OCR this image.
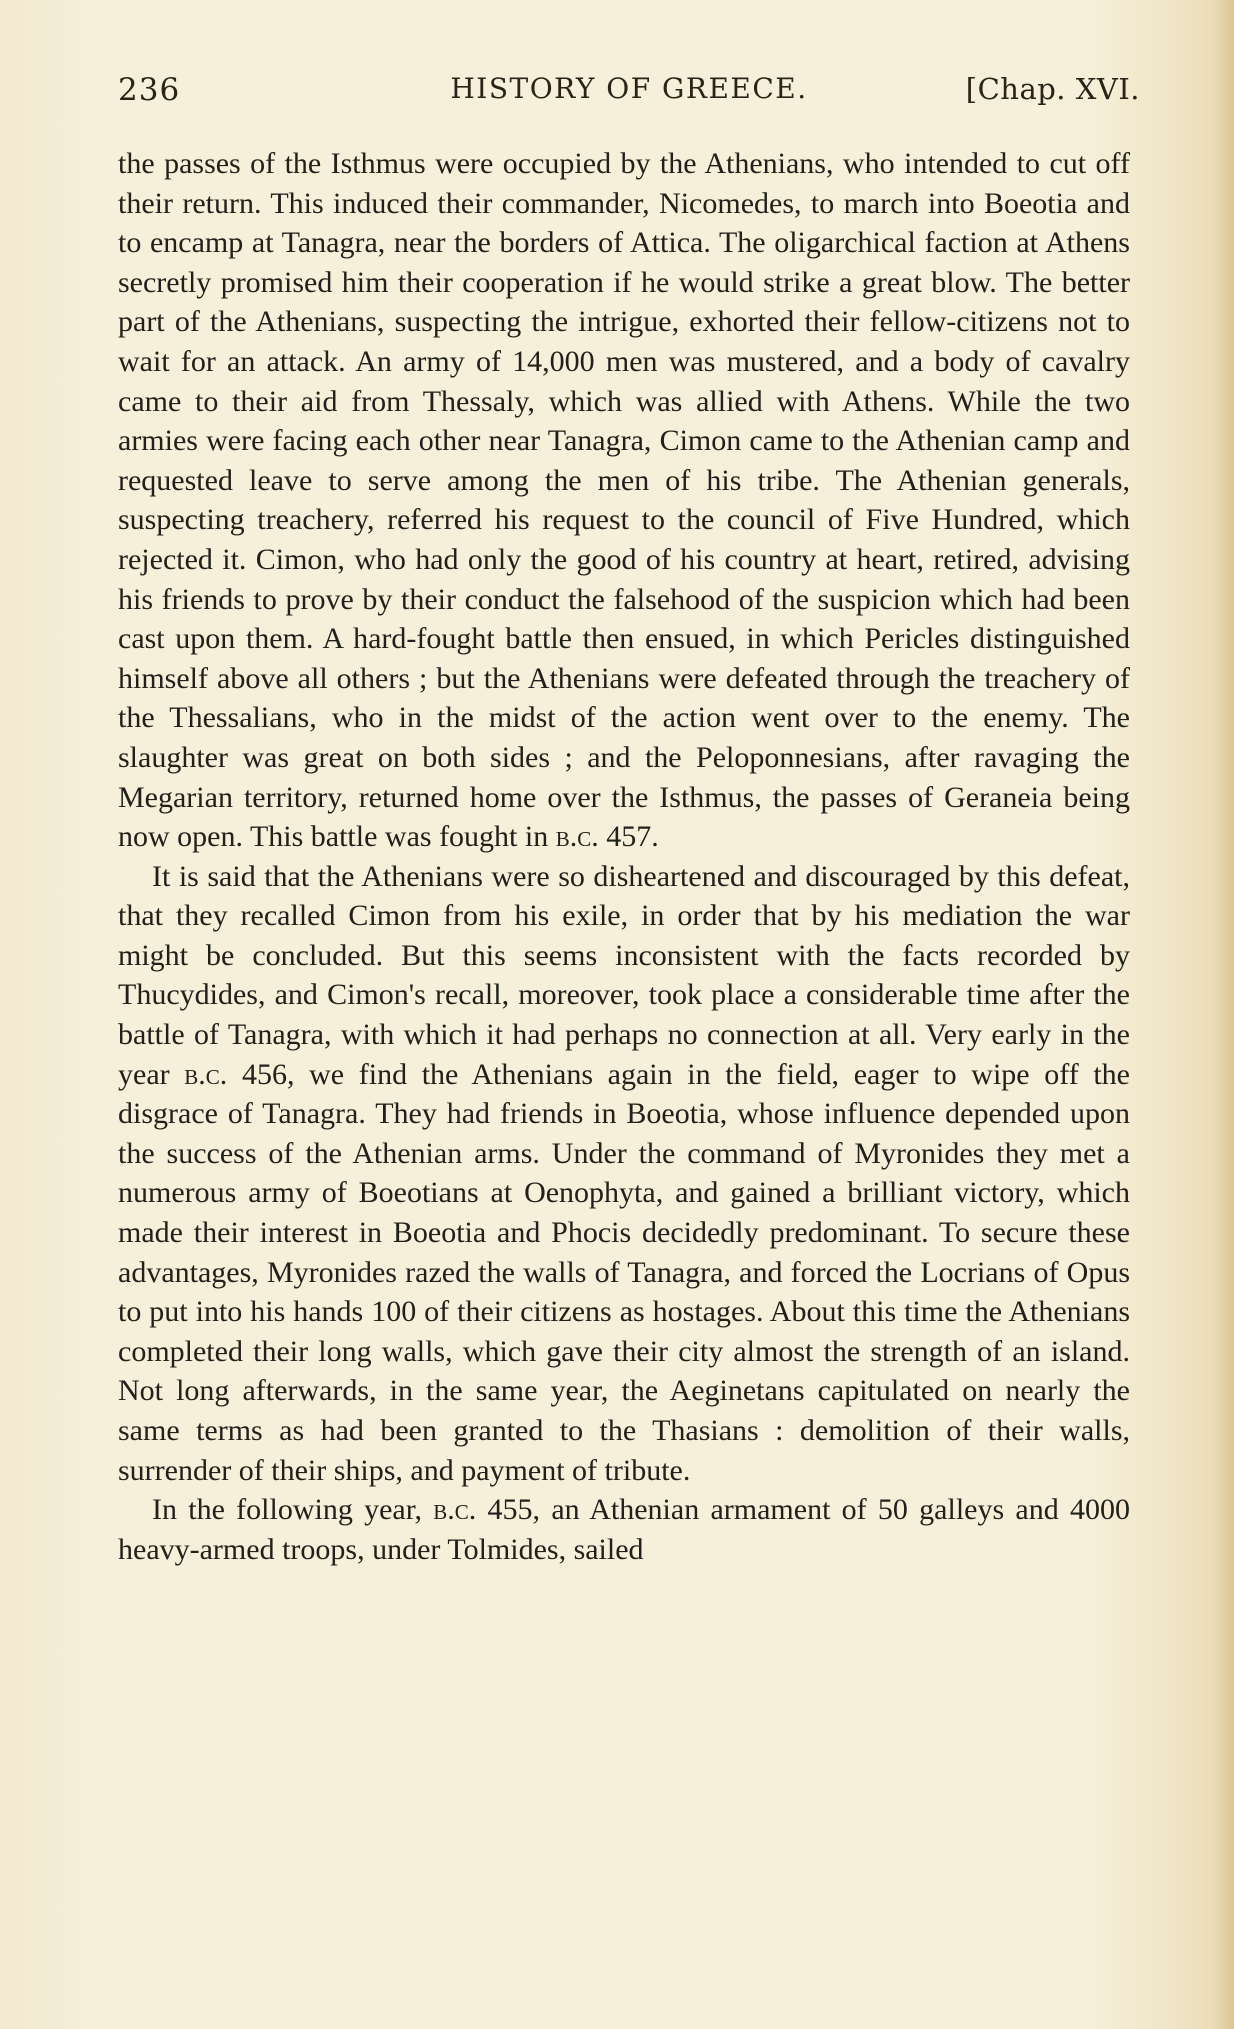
236	HISTORY OF GREECE.	[Chap. XVI.

the passes of the Isthmus were occupied by the Athenians, who intended to cut off their return. This induced their commander, Nicomedes, to march into Boeotia and to encamp at Tanagra, near the borders of Attica. The oligarchical faction at Athens secretly promised him their cooperation if he would strike a great blow. The better part of the Athenians, suspecting the intrigue, exhorted their fellow-citizens not to wait for an attack. An army of 14,000 men was mustered, and a body of cavalry came to their aid from Thessaly, which was allied with Athens. While the two armies were facing each other near Tanagra, Cimon came to the Athenian camp and requested leave to serve among the men of his tribe. The Athenian generals, suspecting treachery, referred his request to the council of Five Hundred, which rejected it. Cimon, who had only the good of his country at heart, retired, advising his friends to prove by their conduct the falsehood of the suspicion which had been cast upon them. A hard-fought battle then ensued, in which Pericles distinguished himself above all others ; but the Athenians were defeated through the treachery of the Thessalians, who in the midst of the action went over to the enemy. The slaughter was great on both sides ; and the Peloponnesians, after ravaging the Megarian territory, returned home over the Isthmus, the passes of Geraneia being now open. This battle was fought in b.c. 457.

It is said that the Athenians were so disheartened and discouraged by this defeat, that they recalled Cimon from his exile, in order that by his mediation the war might be concluded. But this seems inconsistent with the facts recorded by Thucydides, and Cimon's recall, moreover, took place a considerable time after the battle of Tanagra, with which it had perhaps no connection at all. Very early in the year b.c. 456, we find the Athenians again in the field, eager to wipe off the disgrace of Tanagra. They had friends in Boeotia, whose influence depended upon the success of the Athenian arms. Under the command of Myronides they met a numerous army of Boeotians at Oenophyta, and gained a brilliant victory, which made their interest in Boeotia and Phocis decidedly predominant. To secure these advantages, Myronides razed the walls of Tanagra, and forced the Locrians of Opus to put into his hands 100 of their citizens as hostages. About this time the Athenians completed their long walls, which gave their city almost the strength of an island. Not long afterwards, in the same year, the Aeginetans capitulated on nearly the same terms as had been granted to the Thasians : demolition of their walls, surrender of their ships, and payment of tribute.

In the following year, b.c. 455, an Athenian armament of 50 galleys and 4000 heavy-armed troops, under Tolmides, sailed
